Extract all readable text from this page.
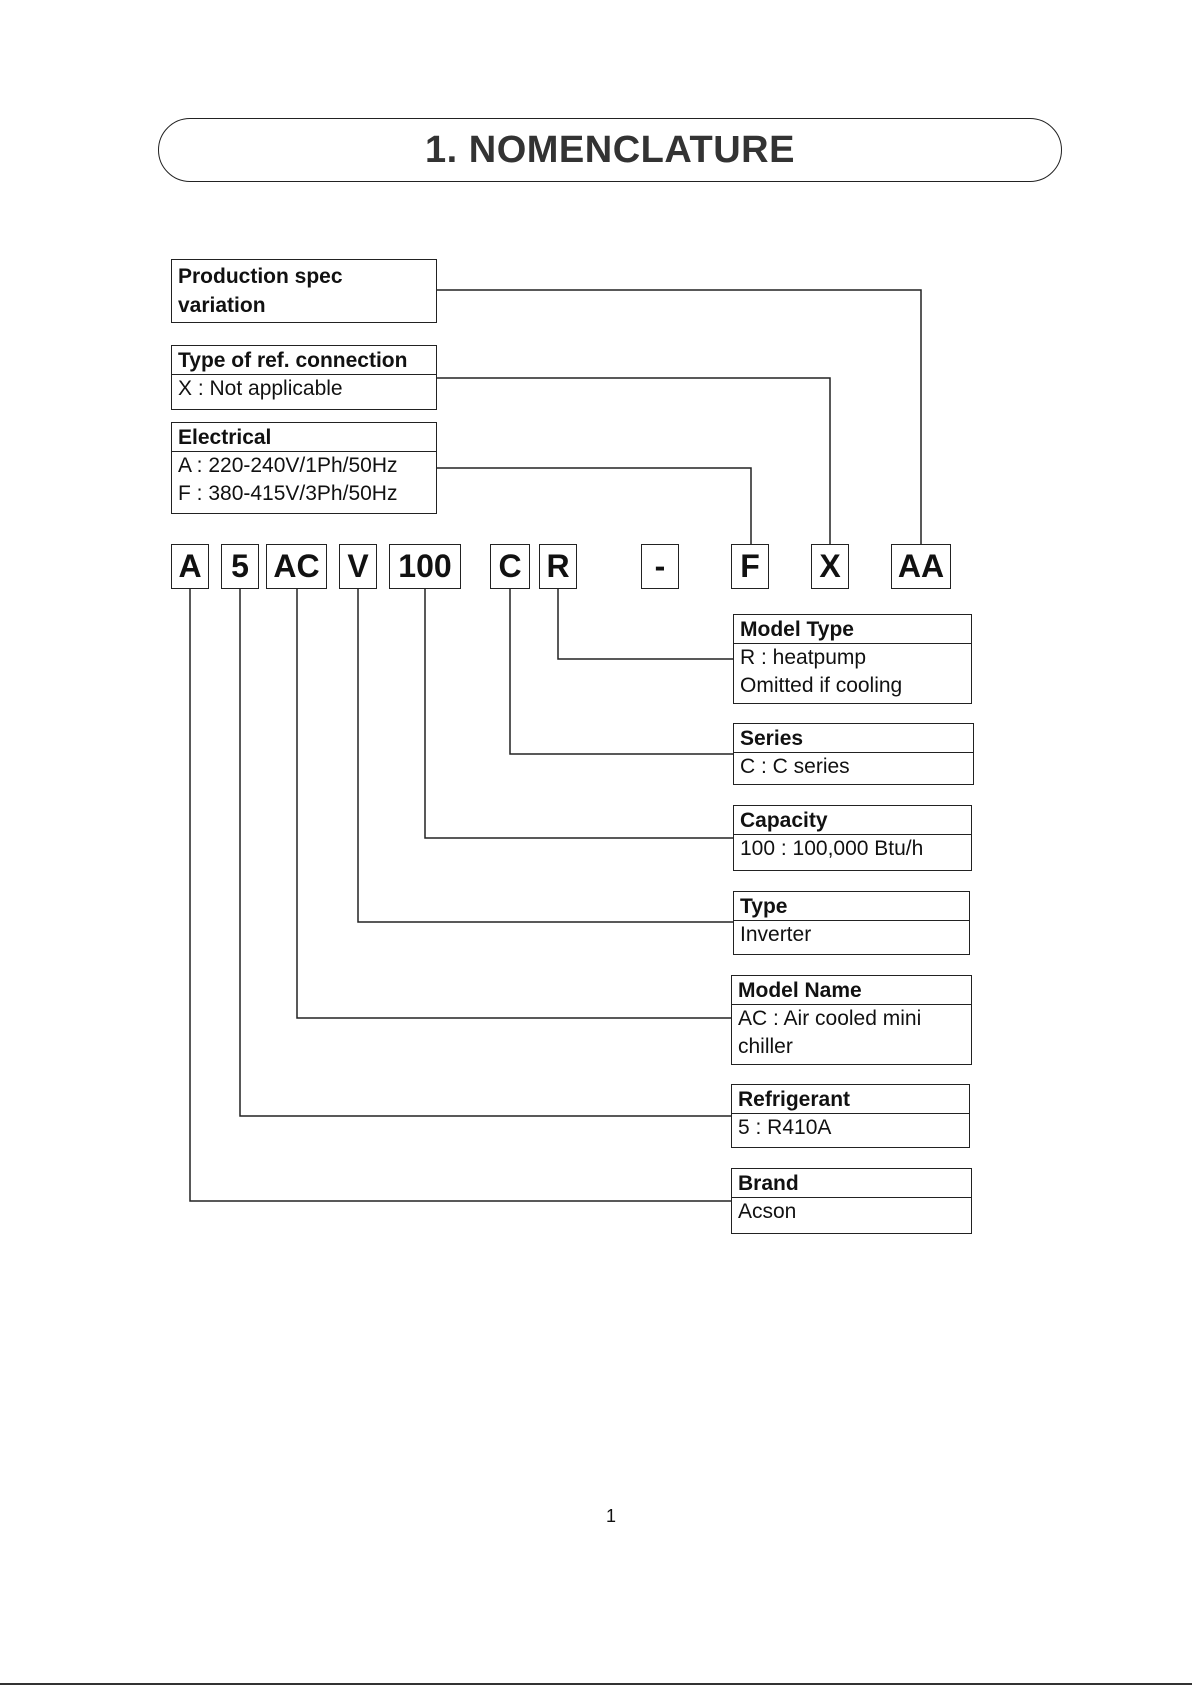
1. NOMENCLATURE
Production spec variation
Type of ref. connection
X : Not applicable
Electrical
A : 220-240V/1Ph/50Hz
F : 380-415V/3Ph/50Hz
A 5 AC V 100 C R	-	F X AA
Model Type
R : heatpump
Omitted if cooling
Series
C : C series
Capacity
100 : 100,000 Btu/h
Type
Inverter
Model Name
AC : Air cooled mini
chiller
Refrigerant
5 : R410A
Brand
Acson
1
